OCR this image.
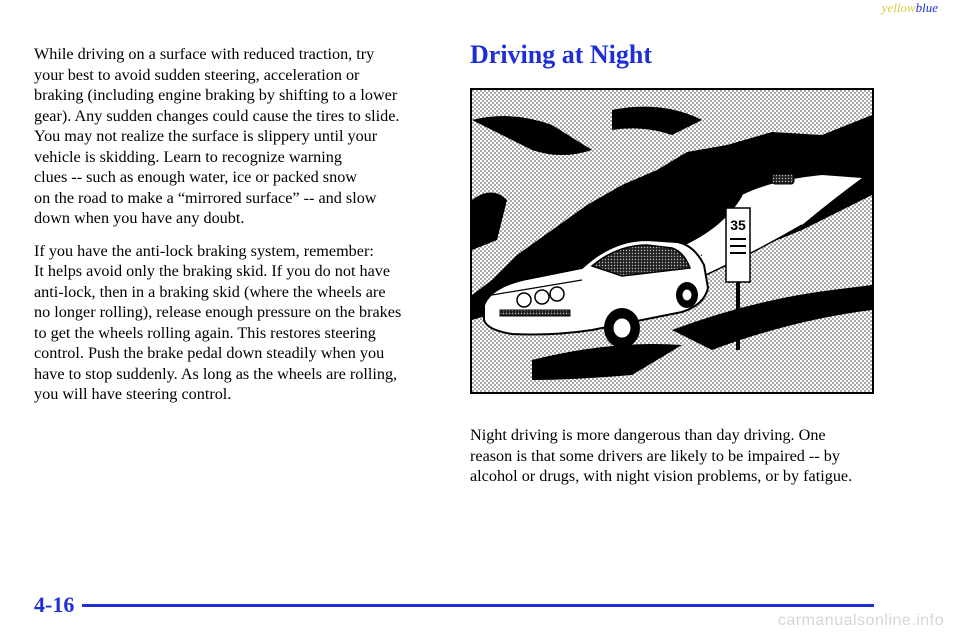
yellowblue

While driving on a surface with reduced traction, try
your best to avoid sudden steering, acceleration or
braking (including engine braking by shifting to a lower
gear). Any sudden changes could cause the tires to slide.
You may not realize the surface is slippery until your
vehicle is skidding. Learn to recognize warning
clues -- such as enough water, ice or packed snow
on the road to make a “mirrored surface” -- and slow
down when you have any doubt.

If you have the anti-lock braking system, remember:
It helps avoid only the braking skid. If you do not have
anti-lock, then in a braking skid (where the wheels are
no longer rolling), release enough pressure on the brakes
to get the wheels rolling again. This restores steering
control. Push the brake pedal down steadily when you
have to stop suddenly. As long as the wheels are rolling,
you will have steering control.

Driving at Night
35

Night driving is more dangerous than day driving. One
reason is that some drivers are likely to be impaired -- by
alcohol or drugs, with night vision problems, or by fatigue.

4-16
carmanualsonline.info
